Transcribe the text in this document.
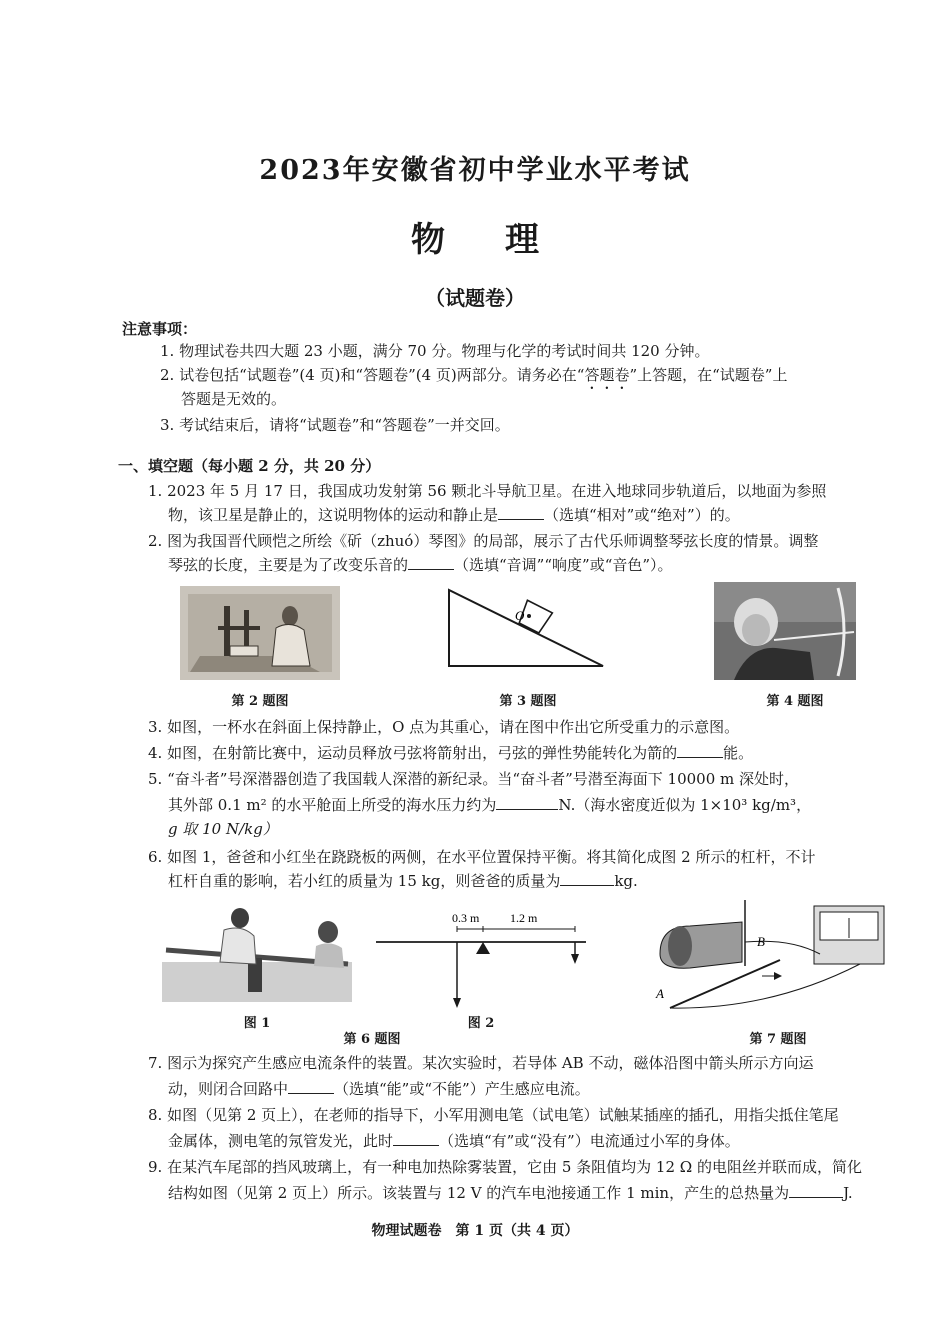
2023年安徽省初中学业水平考试
物理
（试题卷）
注意事项：
1. 物理试卷共四大题 23 小题，满分 70 分。物理与化学的考试时间共 120 分钟。
2. 试卷包括“试题卷”(4 页)和“答题卷”(4 页)两部分。请务必在“答题卷”上答题，在“试题卷”上
答题是无效的。
3. 考试结束后，请将“试题卷”和“答题卷”一并交回。
一、填空题（每小题 2 分，共 20 分）
1. 2023 年 5 月 17 日，我国成功发射第 56 颗北斗导航卫星。在进入地球同步轨道后，以地面为参照
物，该卫星是静止的，这说明物体的运动和静止是	（选填“相对”或“绝对”）的。
2. 图为我国晋代顾恺之所绘《斫（zhuó）琴图》的局部，展示了古代乐师调整琴弦长度的情景。调整
琴弦的长度，主要是为了改变乐音的	（选填“音调”“响度”或“音色”）。
第 2 题图
O
第 3 题图	第 4 题图
3. 如图，一杯水在斜面上保持静止，O 点为其重心，请在图中作出它所受重力的示意图。
4. 如图，在射箭比赛中，运动员释放弓弦将箭射出，弓弦的弹性势能转化为箭的	能。
5. “奋斗者”号深潜器创造了我国载人深潜的新纪录。当“奋斗者”号潜至海面下 10000 m 深处时，
其外部 0.1 m² 的水平舱面上所受的海水压力约为	N.（海水密度近似为 1×10³ kg/m³，
g 取 10 N/kg）
6. 如图 1，爸爸和小红坐在跷跷板的两侧，在水平位置保持平衡。将其简化成图 2 所示的杠杆，不计
杠杆自重的影响，若小红的质量为 15 kg，则爸爸的质量为	kg.
图 1
0.3 m	1.2 m
图 2
第 6 题图
A
B
第 7 题图
7. 图示为探究产生感应电流条件的装置。某次实验时，若导体 AB 不动，磁体沿图中箭头所示方向运
动，则闭合回路中	（选填“能”或“不能”）产生感应电流。
8. 如图（见第 2 页上），在老师的指导下，小军用测电笔（试电笔）试触某插座的插孔，用指尖抵住笔尾
金属体，测电笔的氖管发光，此时	（选填“有”或“没有”）电流通过小军的身体。
9. 在某汽车尾部的挡风玻璃上，有一种电加热除雾装置，它由 5 条阻值均为 12 Ω 的电阻丝并联而成，简化
结构如图（见第 2 页上）所示。该装置与 12 V 的汽车电池接通工作 1 min，产生的总热量为	J.
物理试题卷　第 1 页（共 4 页）
